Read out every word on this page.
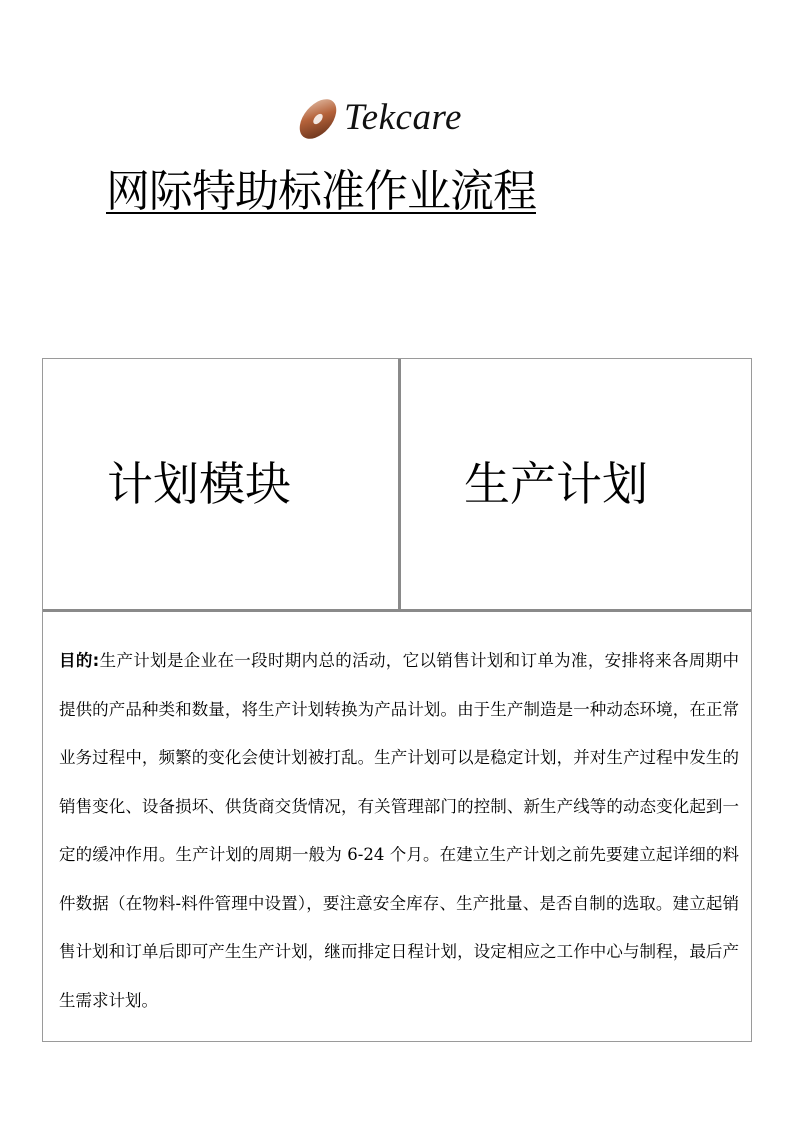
Tekcare
网际特助标准作业流程
计划模块	生产计划
目的:生产计划是企业在一段时期内总的活动，它以销售计划和订单为准，安排将来各周期中提供的产品种类和数量，将生产计划转换为产品计划。由于生产制造是一种动态环境，在正常业务过程中，频繁的变化会使计划被打乱。生产计划可以是稳定计划，并对生产过程中发生的销售变化、设备损坏、供货商交货情况，有关管理部门的控制、新生产线等的动态变化起到一定的缓冲作用。生产计划的周期一般为 6-24 个月。在建立生产计划之前先要建立起详细的料件数据（在物料-料件管理中设置），要注意安全库存、生产批量、是否自制的选取。建立起销售计划和订单后即可产生生产计划，继而排定日程计划，设定相应之工作中心与制程，最后产生需求计划。
